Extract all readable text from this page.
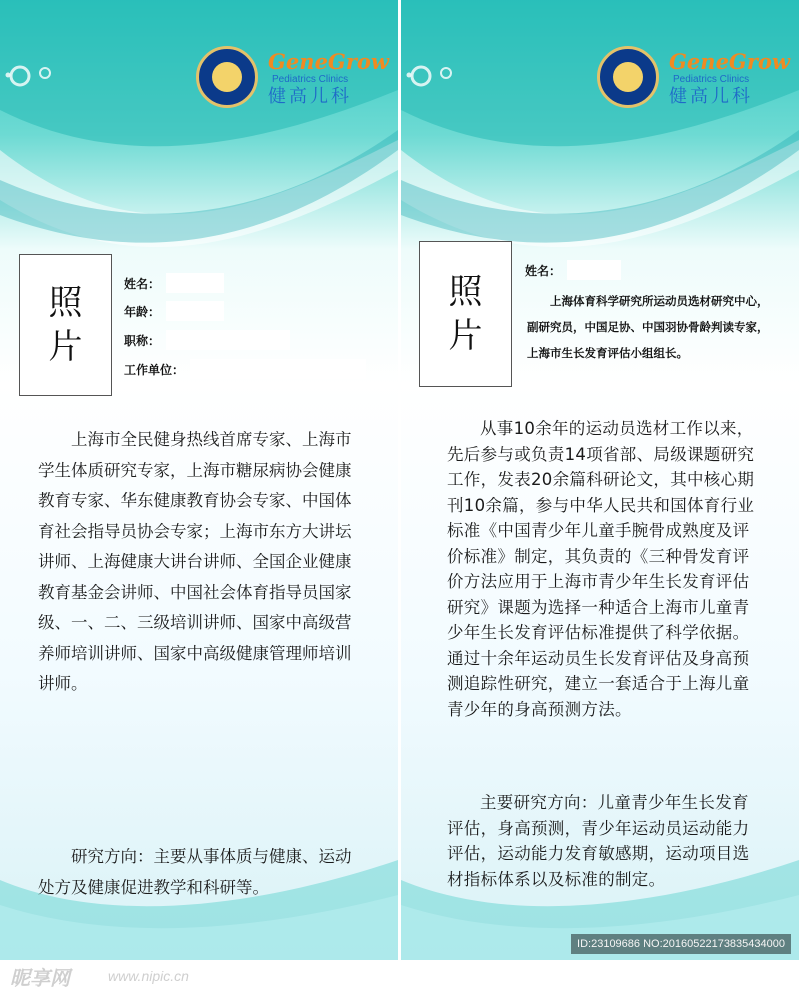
GeneGrow
Pediatrics Clinics
健高儿科
照
片
姓名：
年龄：
职称：
工作单位：

上海市全民健身热线首席专家、上海市学生体质研究专家，上海市糖尿病协会健康教育专家、华东健康教育协会专家、中国体育社会指导员协会专家；上海市东方大讲坛讲师、上海健康大讲台讲师、全国企业健康教育基金会讲师、中国社会体育指导员国家级、一、二、三级培训讲师、国家中高级营养师培训讲师、国家中高级健康管理师培训讲师。

研究方向：主要从事体质与健康、运动处方及健康促进教学和科研等。

GeneGrow
Pediatrics Clinics
健高儿科
照
片
姓名：
上海体育科学研究所运动员选材研究中心，副研究员，中国足协、中国羽协骨龄判读专家，上海市生长发育评估小组组长。

从事10余年的运动员选材工作以来，先后参与或负责14项省部、局级课题研究工作，发表20余篇科研论文，其中核心期刊10余篇，参与中华人民共和国体育行业标准《中国青少年儿童手腕骨成熟度及评价标准》制定，其负责的《三种骨发育评价方法应用于上海市青少年生长发育评估研究》课题为选择一种适合上海市儿童青少年生长发育评估标准提供了科学依据。通过十余年运动员生长发育评估及身高预测追踪性研究，建立一套适合于上海儿童青少年的身高预测方法。

主要研究方向：儿童青少年生长发育评估，身高预测，青少年运动员运动能力评估，运动能力发育敏感期，运动项目选材指标体系以及标准的制定。

昵享网	www.nipic.cn
ID:23109686 NO:20160522173835434000
